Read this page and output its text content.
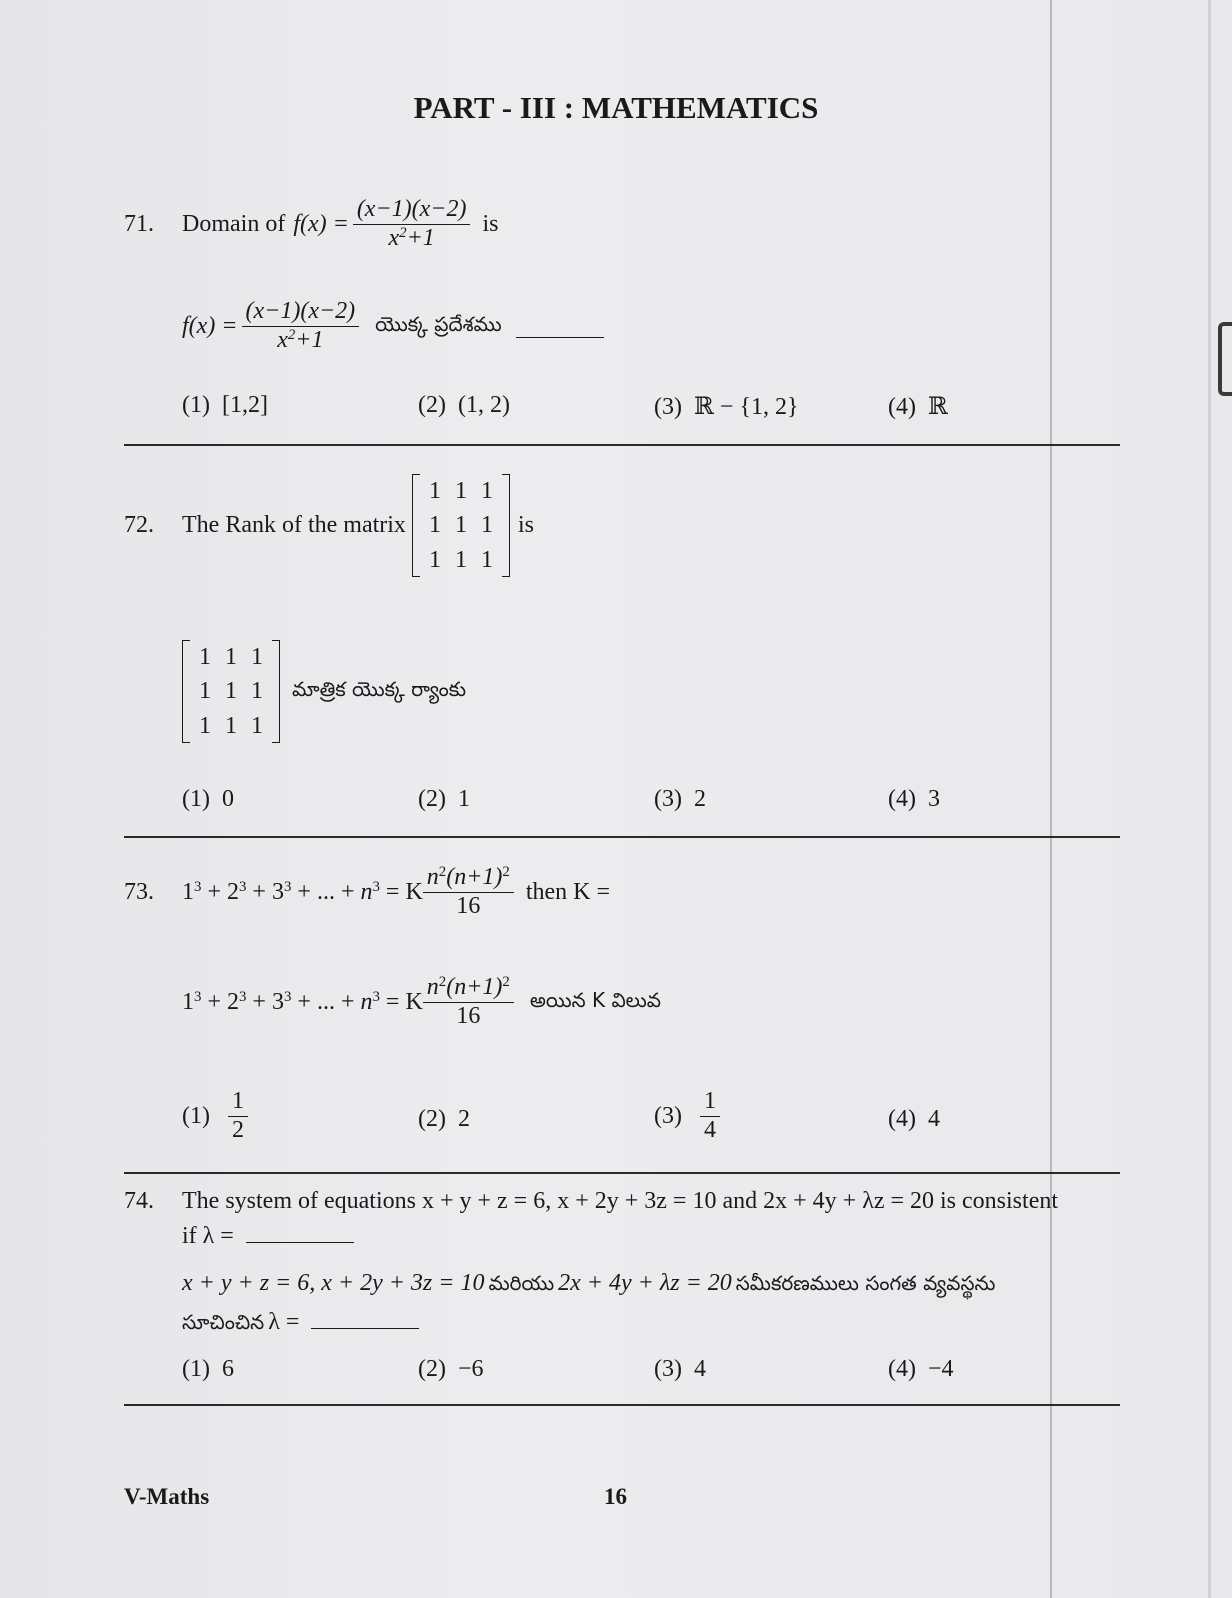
PART - III : MATHEMATICS
71.	Domain of $f(x) = \frac{(x-1)(x-2)}{x^2+1}$ is
$f(x) = \frac{(x-1)(x-2)}{x^2+1}$ యొక్క ప్రదేశము
(1) [1,2]	(2) (1, 2)	(3) ℝ − {1, 2}	(4) ℝ
72.	The Rank of the matrix
1	1	1
1	1	1
1	1	1
is
1	1	1
1	1	1
1	1	1
మాత్రిక యొక్క ర్యాంకు
(1) 0	(2) 1	(3) 2	(4) 3
73.	$1^3 + 2^3 + 3^3$ + ... + $n^3 = K \frac{n^2(n+1)^2}{16}$ then K =
$1^3 + 2^3 + 3^3$ + ... + $n^3 = K \frac{n^2(n+1)^2}{16}$ అయిన K విలువ
$(1) \frac{1}{2}$	(2) 2	$(3) \frac{1}{4}$	(4) 4
74. The system of equations x + y + z = 6, x + 2y + 3z = 10 and 2x + 4y + λz = 20 is consistent
if λ =
x + y + z = 6, x + 2y + 3z = 10 మరియు 2x + 4y + λz = 20 సమీకరణములు సంగత వ్యవస్థను
సూచించిన λ =
(1) 6	(2) −6	(3) 4	(4) −4
V-Maths	16
